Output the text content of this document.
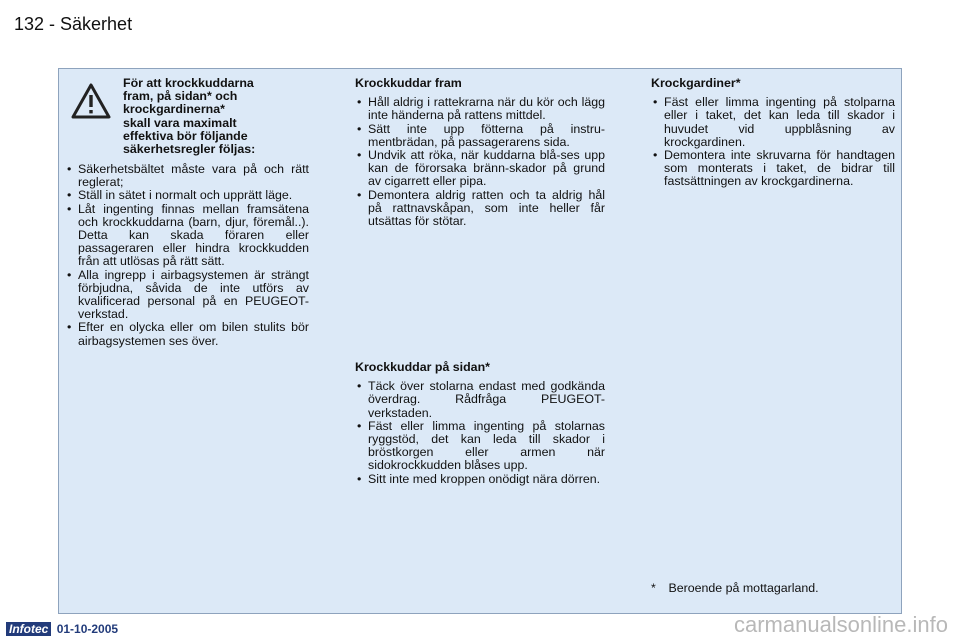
132 - Säkerhet
För att krockkuddarna
fram, på sidan* och
krockgardinerna*
skall vara maximalt
effektiva bör följande
säkerhetsregler följas:
• Säkerhetsbältet måste vara på och rätt reglerat;
• Ställ in sätet i normalt och upprätt läge.
• Låt ingenting finnas mellan framsätena och krockkuddarna (barn, djur, föremål..). Detta kan skada föraren eller passageraren eller hindra krockkudden från att utlösas på rätt sätt.
• Alla ingrepp i airbagsystemen är strängt förbjudna, såvida de inte utförs av kvalificerad personal på en PEUGEOT-verkstad.
• Efter en olycka eller om bilen stulits bör airbagsystemen ses över.
Krockkuddar fram
• Håll aldrig i rattekrarna när du kör och lägg inte händerna på rattens mittdel.
• Sätt inte upp fötterna på instru-mentbrädan, på passagerarens sida.
• Undvik att röka, när kuddarna blå-ses upp kan de förorsaka bränn-skador på grund av cigarrett eller pipa.
• Demontera aldrig ratten och ta aldrig hål på rattnavskåpan, som inte heller får utsättas för stötar.
Krockkuddar på sidan*
• Täck över stolarna endast med godkända överdrag. Rådfråga PEUGEOT-verkstaden.
• Fäst eller limma ingenting på stolarnas ryggstöd, det kan leda till skador i bröstkorgen eller armen när sidokrockkudden blåses upp.
• Sitt inte med kroppen onödigt nära dörren.
Krockgardiner*
• Fäst eller limma ingenting på stolparna eller i taket, det kan leda till skador i huvudet vid uppblåsning av krockgardinen.
• Demontera inte skruvarna för handtagen som monterats i taket, de bidrar till fastsättningen av krockgardinerna.
* Beroende på mottagarland.
Infotec 01-10-2005	carmanualsonline.info
